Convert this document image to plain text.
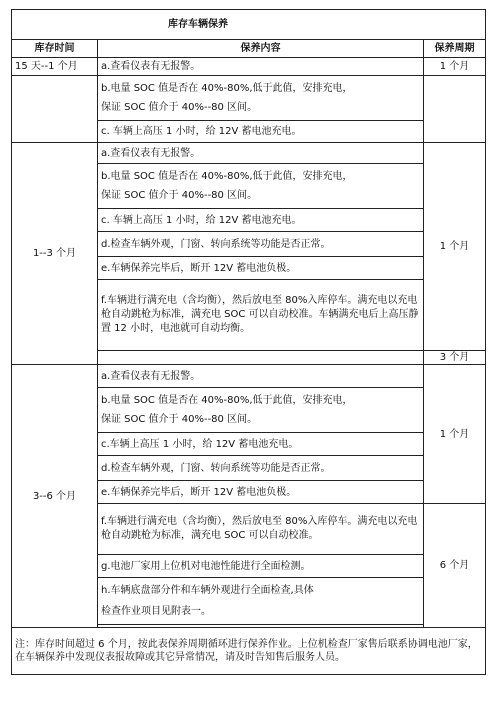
库存车辆保养		
库存时间	保养内容	保养周期
15 天--1 个月	a.查看仪表有无报警。	1 个月

	b.电量 SOC 值是否在 40%-80%,低于此值，安排充电，
保证 SOC 值介于 40%--80 区间。	

	c. 车辆上高压 1 小时，给 12V 蓄电池充电。	
1--3 个月	a.查看仪表有无报警。	1 个月

	b.电量 SOC 值是否在 40%-80%,低于此值，安排充电，
保证 SOC 值介于 40%--80 区间。	

	c. 车辆上高压 1 小时，给 12V 蓄电池充电。	
	d.检查车辆外观，门窗、转向系统等功能是否正常。	
	e.车辆保养完毕后，断开 12V 蓄电池负极。	
	f.车辆进行满充电（含均衡），然后放电至 80%入库停车。满充电以充电枪自动跳枪为标准，满充电 SOC 可以自动校准。车辆满充电后上高压静置 12 小时，电池就可自动均衡。	
		3 个月
3--6 个月	a.查看仪表有无报警。	1 个月

	b.电量 SOC 值是否在 40%-80%,低于此值，安排充电，
保证 SOC 值介于 40%--80 区间。	

	c.车辆上高压 1 小时，给 12V 蓄电池充电。	
	d.检查车辆外观，门窗、转向系统等功能是否正常。	
	e.车辆保养完毕后，断开 12V 蓄电池负极。	
	f.车辆进行满充电（含均衡），然后放电至 80%入库停车。满充电以充电枪自动跳枪为标准，满充电 SOC 可以自动校准。	6 个月
	g.电池厂家用上位机对电池性能进行全面检测。	

	h.车辆底盘部分件和车辆外观进行全面检查,具体
检查作业项目见附表一。	

注：库存时间超过 6 个月，按此表保养周期循环进行保养作业。上位机检查厂家售后联系协调电池厂家，在车辆保养中发现仪表报故障或其它异常情况，请及时告知售后服务人员。		
